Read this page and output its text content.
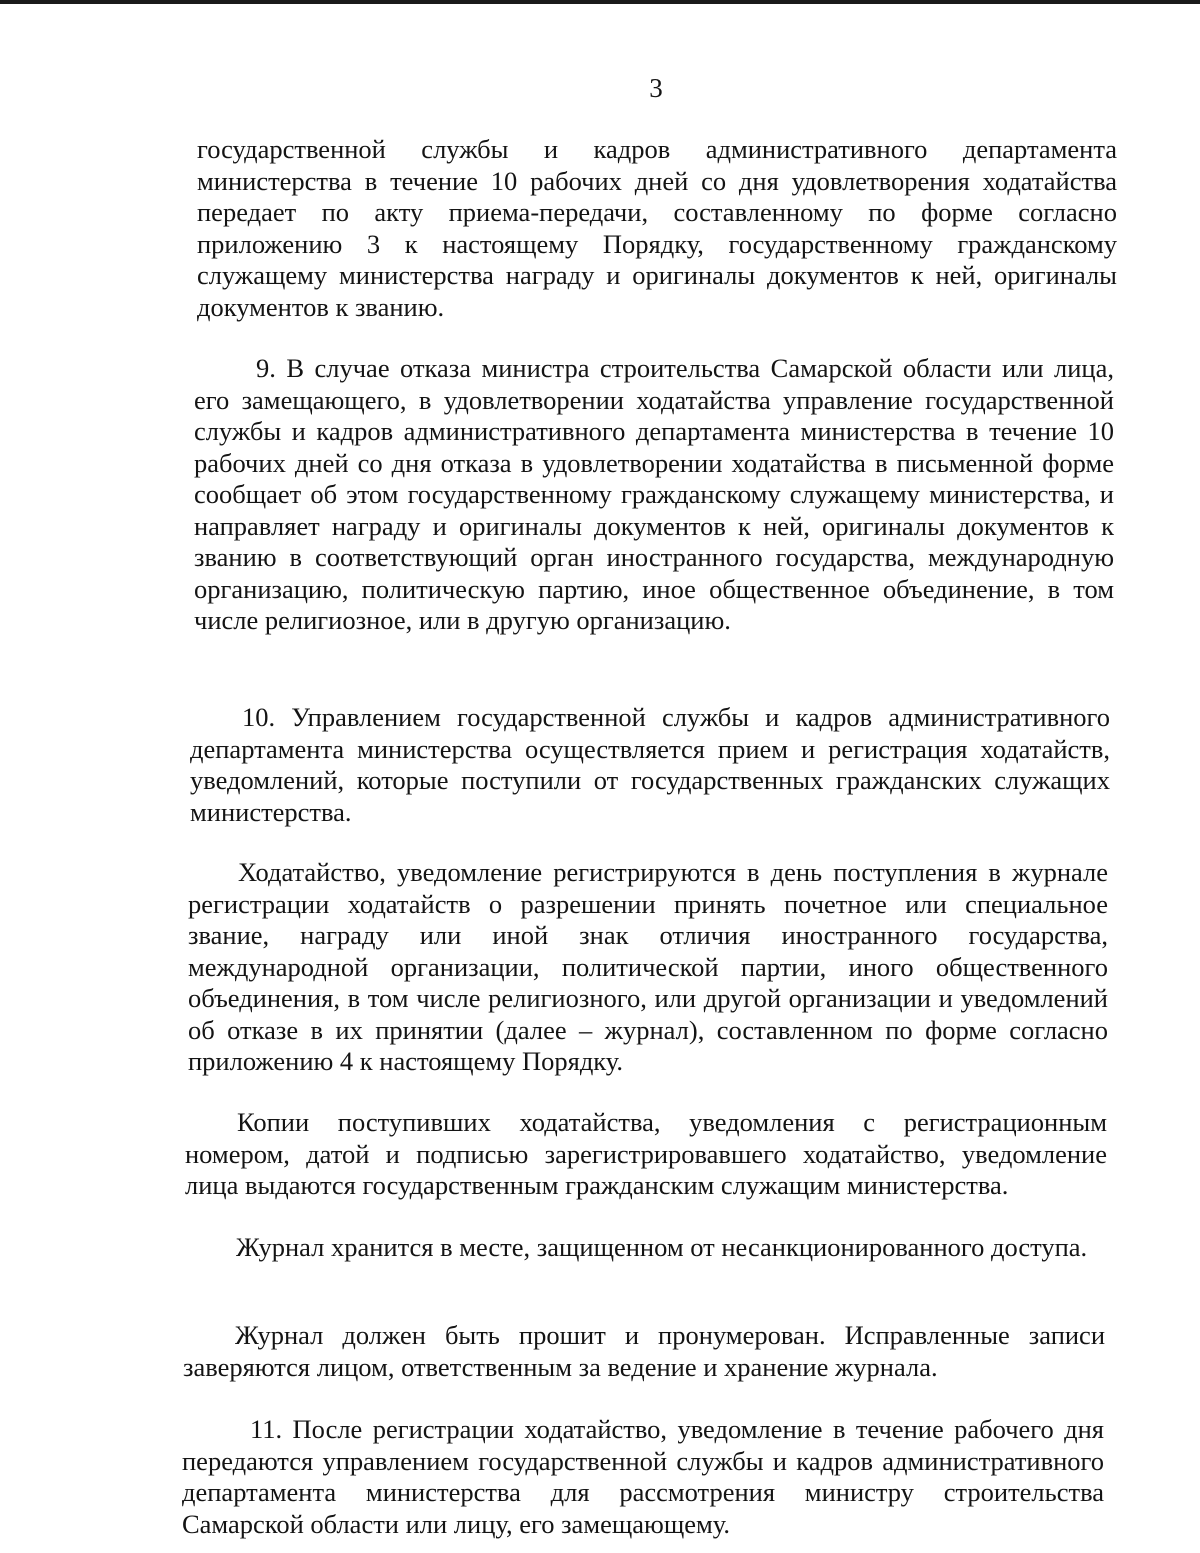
3

государственной службы и кадров административного департамента министерства в течение 10 рабочих дней со дня удовлетворения ходатайства передает по акту приема-передачи, составленному по форме согласно приложению 3 к настоящему Порядку, государственному гражданскому служащему министерства награду и оригиналы документов к ней, оригиналы документов к званию.

9. В случае отказа министра строительства Самарской области или лица, его замещающего, в удовлетворении ходатайства управление государственной службы и кадров административного департамента министерства в течение 10 рабочих дней со дня отказа в удовлетворении ходатайства в письменной форме сообщает об этом государственному гражданскому служащему министерства, и направляет награду и оригиналы документов к ней, оригиналы документов к званию в соответствующий орган иностранного государства, международную организацию, политическую партию, иное общественное объединение, в том числе религиозное, или в другую организацию.

10. Управлением государственной службы и кадров административного департамента министерства осуществляется прием и регистрация ходатайств, уведомлений, которые поступили от государственных гражданских служащих министерства.

Ходатайство, уведомление регистрируются в день поступления в журнале регистрации ходатайств о разрешении принять почетное или специальное звание, награду или иной знак отличия иностранного государства, международной организации, политической партии, иного общественного объединения, в том числе религиозного, или другой организации и уведомлений об отказе в их принятии (далее – журнал), составленном по форме согласно приложению 4 к настоящему Порядку.

Копии поступивших ходатайства, уведомления с регистрационным номером, датой и подписью зарегистрировавшего ходатайство, уведомление лица выдаются государственным гражданским служащим министерства.

Журнал хранится в месте, защищенном от несанкционированного доступа.

Журнал должен быть прошит и пронумерован. Исправленные записи заверяются лицом, ответственным за ведение и хранение журнала.

11. После регистрации ходатайство, уведомление в течение рабочего дня передаются управлением государственной службы и кадров административного департамента министерства для рассмотрения министру строительства Самарской области или лицу, его замещающему.
